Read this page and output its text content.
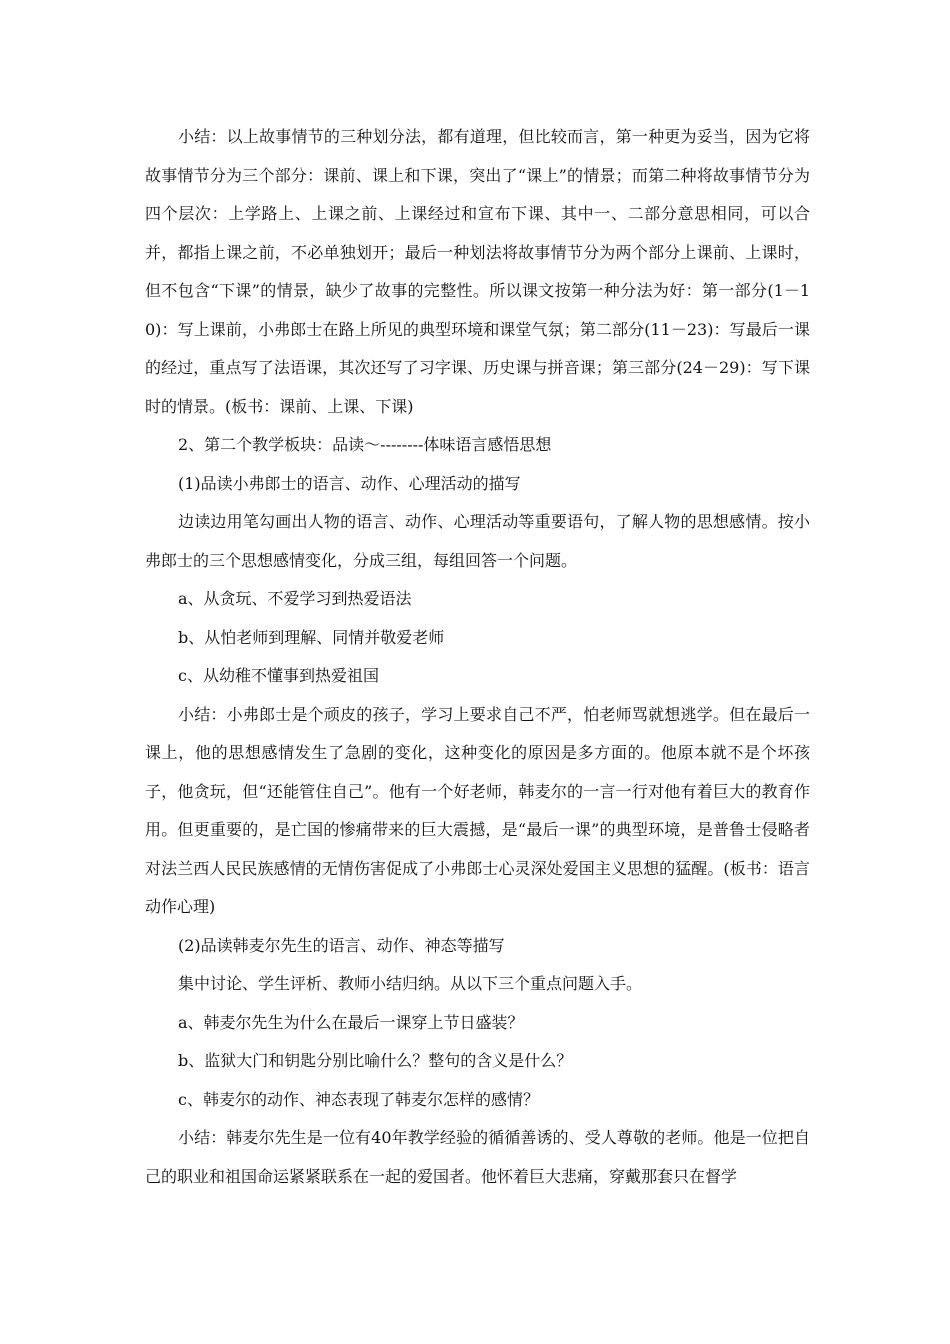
小结：以上故事情节的三种划分法，都有道理，但比较而言，第一种更为妥当，因为它将故事情节分为三个部分：课前、课上和下课，突出了“课上”的情景；而第二种将故事情节分为四个层次：上学路上、上课之前、上课经过和宣布下课、其中一、二部分意思相同，可以合并，都指上课之前，不必单独划开；最后一种划法将故事情节分为两个部分上课前、上课时，但不包含“下课”的情景，缺少了故事的完整性。所以课文按第一种分法为好：第一部分(1－10)：写上课前，小弗郎士在路上所见的典型环境和课堂气氛；第二部分(11－23)：写最后一课的经过，重点写了法语课，其次还写了习字课、历史课与拼音课；第三部分(24－29)：写下课时的情景。(板书：课前、上课、下课)

2、第二个教学板块：品读～--------体味语言感悟思想

(1)品读小弗郎士的语言、动作、心理活动的描写

边读边用笔勾画出人物的语言、动作、心理活动等重要语句，了解人物的思想感情。按小弗郎士的三个思想感情变化，分成三组，每组回答一个问题。

a、从贪玩、不爱学习到热爱语法

b、从怕老师到理解、同情并敬爱老师

c、从幼稚不懂事到热爱祖国

小结：小弗郎士是个顽皮的孩子，学习上要求自己不严，怕老师骂就想逃学。但在最后一课上，他的思想感情发生了急剧的变化，这种变化的原因是多方面的。他原本就不是个坏孩子，他贪玩，但“还能管住自己”。他有一个好老师，韩麦尔的一言一行对他有着巨大的教育作用。但更重要的，是亡国的惨痛带来的巨大震撼，是“最后一课”的典型环境，是普鲁士侵略者对法兰西人民民族感情的无情伤害促成了小弗郎士心灵深处爱国主义思想的猛醒。(板书：语言动作心理)

(2)品读韩麦尔先生的语言、动作、神态等描写

集中讨论、学生评析、教师小结归纳。从以下三个重点问题入手。

a、韩麦尔先生为什么在最后一课穿上节日盛装？

b、监狱大门和钥匙分别比喻什么？整句的含义是什么？

c、韩麦尔的动作、神态表现了韩麦尔怎样的感情？

小结：韩麦尔先生是一位有40年教学经验的循循善诱的、受人尊敬的老师。他是一位把自己的职业和祖国命运紧紧联系在一起的爱国者。他怀着巨大悲痛，穿戴那套只在督学
